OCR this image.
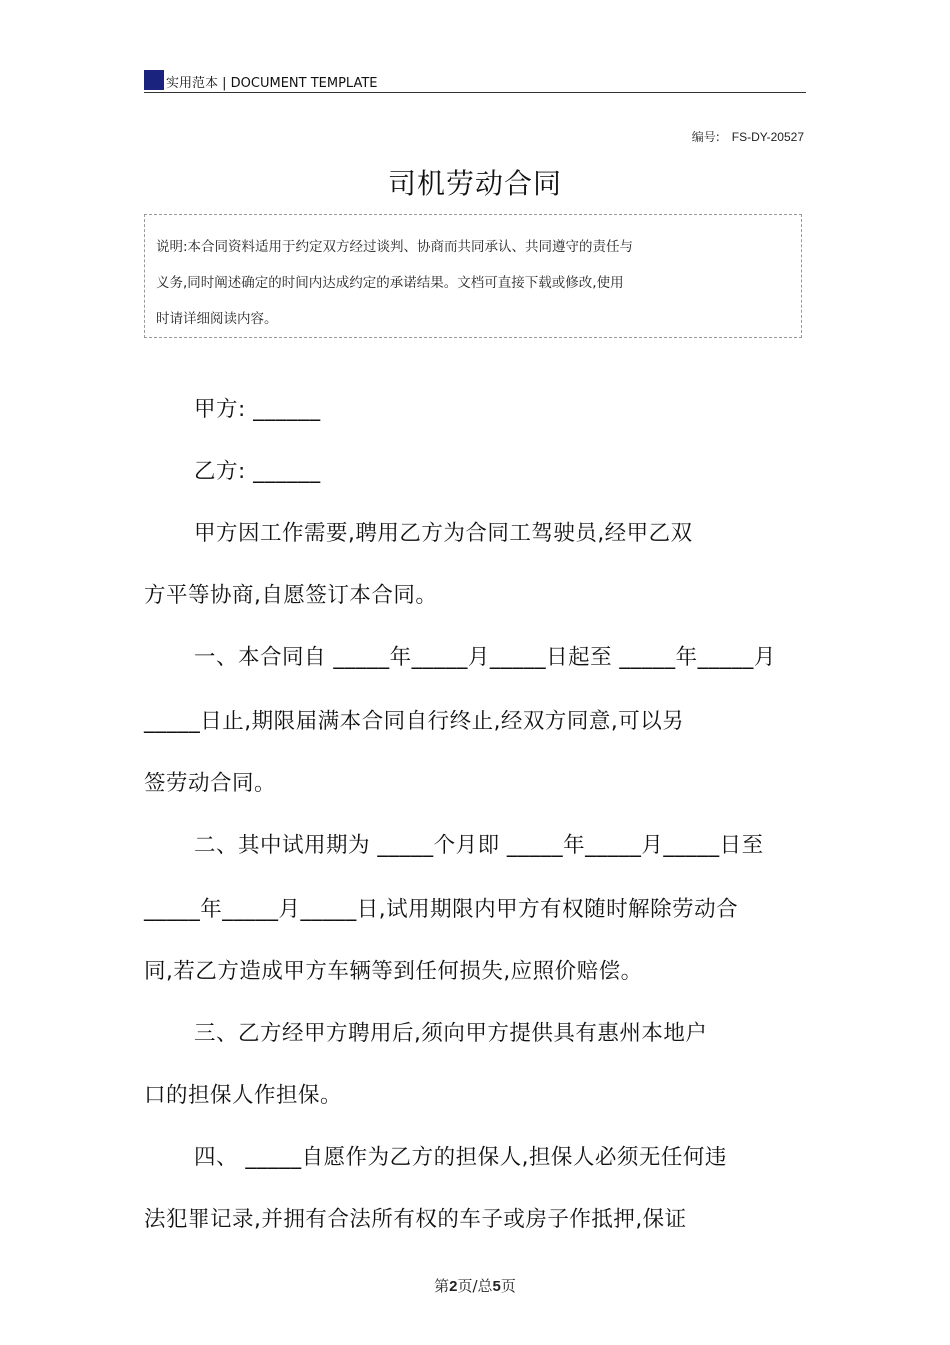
实用范本 | DOCUMENT TEMPLATE
编号: FS-DY-20527
司机劳动合同

说明:本合同资料适用于约定双方经过谈判、协商而共同承认、共同遵守的责任与

义务,同时阐述确定的时间内达成约定的承诺结果。文档可直接下载或修改,使用

时请详细阅读内容。

甲方: ______
乙方: ______
甲方因工作需要,聘用乙方为合同工驾驶员,经甲乙双
方平等协商,自愿签订本合同。
一、本合同自 _____年_____月_____日起至 _____年_____月
_____日止,期限届满本合同自行终止,经双方同意,可以另
签劳动合同。
二、其中试用期为 _____个月即 _____年_____月_____日至
_____年_____月_____日,试用期限内甲方有权随时解除劳动合
同,若乙方造成甲方车辆等到任何损失,应照价赔偿。
三、乙方经甲方聘用后,须向甲方提供具有惠州本地户
口的担保人作担保。
四、 _____自愿作为乙方的担保人,担保人必须无任何违
法犯罪记录,并拥有合法所有权的车子或房子作抵押,保证
第2页/总5页
